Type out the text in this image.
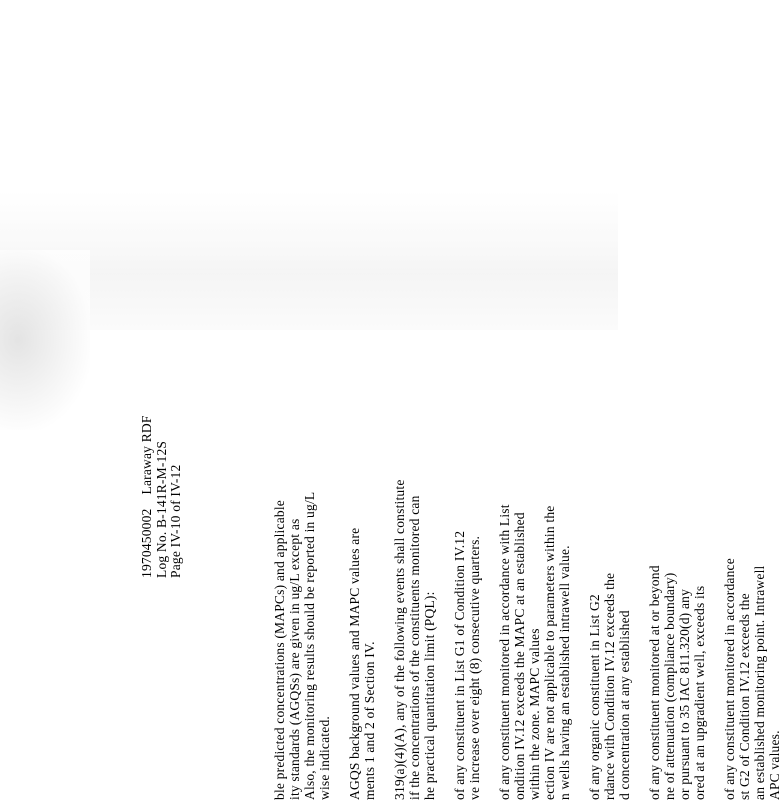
1970450002Laraway RDF Log No. B-141R-M-12S Page IV-10 of IV-12	ble predicted concentrations (MAPCs) and applicable ity standards (AGQSs) are given in ug/L except as Also, the monitoring results should be reported in ug/L wise indicated. AGQS background values and MAPC values are ments 1 and 2 of Section IV. 319(a)(4)(A), any of the following events shall constitute if the concentrations of the constituents monitored can he practical quantitation limit (PQL): of any constituent in List G1 of Condition IV.12 ve increase over eight (8) consecutive quarters. of any constituent monitored in accordance with List ondition IV.12 exceeds the MAPC at an established within the zone. MAPC values ection IV are not applicable to parameters within the n wells having an established intrawell value. of any organic constituent in List G2 rdance with Condition IV.12 exceeds the d concentration at any established of any constituent monitored at or beyond ne of attenuation (compliance boundary) or pursuant to 35 IAC 811.320(d) any ored at an upgradient well, exceeds its of any constituent monitored in accordance st G2 of Condition IV.12 exceeds the an established monitoring point. Intrawell APC values.
